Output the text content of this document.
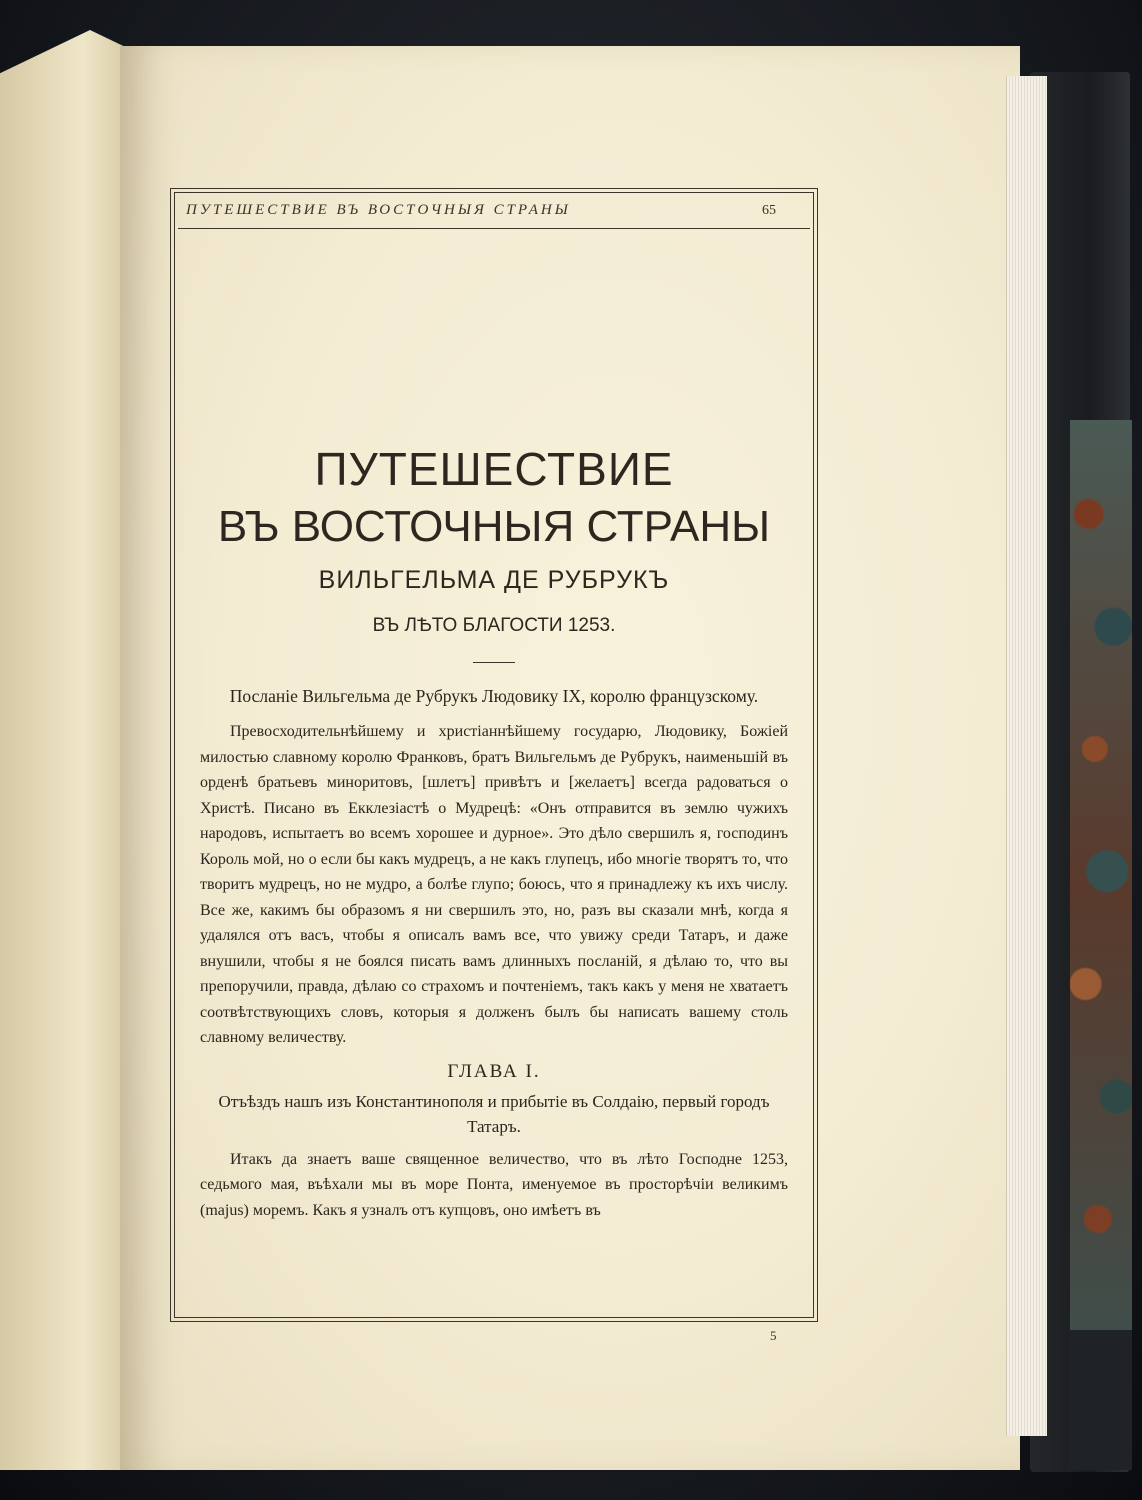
ПУТЕШЕСТВИЕ ВЪ ВОСТОЧНЫЯ СТРАНЫ	65
ПУТЕШЕСТВИЕ
ВЪ ВОСТОЧНЫЯ СТРАНЫ
ВИЛЬГЕЛЬМА ДЕ РУБРУКЪ
ВЪ ЛѢТО БЛАГОСТИ 1253.
Посланіе Вильгельма де Рубрукъ Людовику IX, королю французскому.

Превосходительнѣйшему и христіаннѣйшему государю, Людовику, Божіей милостью славному королю Франковъ, братъ Вильгельмъ де Рубрукъ, наименьшій въ орденѣ братьевъ миноритовъ, [шлетъ] привѣтъ и [желаетъ] всегда радоваться о Христѣ. Писано въ Екклезіастѣ о Мудрецѣ: «Онъ отправится въ землю чужихъ народовъ, испытаетъ во всемъ хорошее и дурное». Это дѣло свершилъ я, господинъ Король мой, но о если бы какъ мудрецъ, а не какъ глупецъ, ибо многіе творятъ то, что творитъ мудрецъ, но не мудро, а болѣе глупо; боюсь, что я принадлежу къ ихъ числу. Все же, какимъ бы образомъ я ни свершилъ это, но, разъ вы сказали мнѣ, когда я удалялся отъ васъ, чтобы я описалъ вамъ все, что увижу среди Татаръ, и даже внушили, чтобы я не боялся писать вамъ длинныхъ посланій, я дѣлаю то, что вы препоручили, правда, дѣлаю со страхомъ и почтеніемъ, такъ какъ у меня не хватаетъ соотвѣтствующихъ словъ, которыя я долженъ былъ бы написать вашему столь славному величеству.

ГЛАВА I.
Отъѣздъ нашъ изъ Константинополя и прибытіе въ Солдаію, первый городъ Татаръ.

Итакъ да знаетъ ваше священное величество, что въ лѣто Господне 1253, седьмого мая, въѣхали мы въ море Понта, именуемое въ просторѣчіи великимъ (majus) моремъ. Какъ я узналъ отъ купцовъ, оно имѣетъ въ

5
